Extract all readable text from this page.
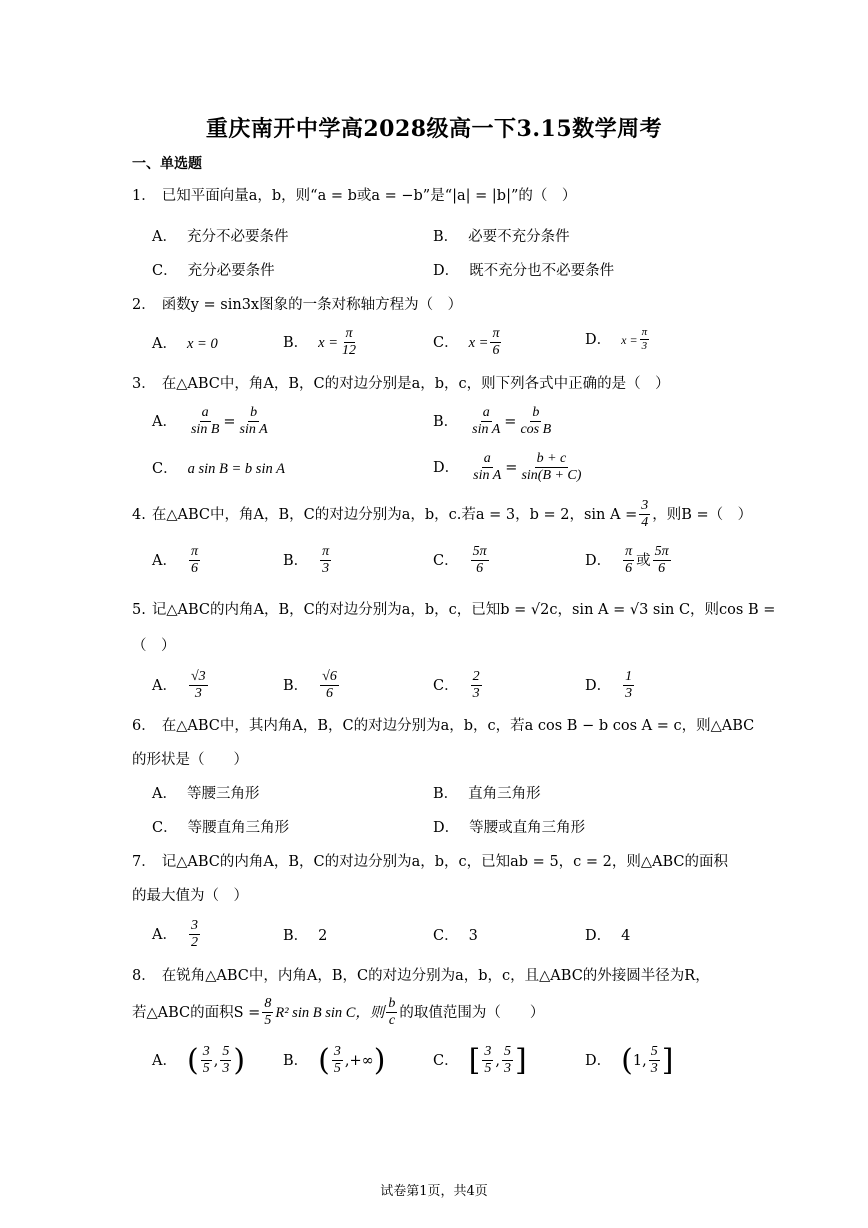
重庆南开中学高2028级高一下3.15数学周考
一、单选题
1． 已知平面向量a，b，则“a = b或a = −b”是“|a| = |b|”的（　）
A． 充分不必要条件	B． 必要不充分条件
C． 充分必要条件	D． 既不充分也不必要条件
2． 函数y = sin3x图象的一条对称轴方程为（　）
A． x = 0	B． $x = \frac{\pi}{12}$	C． $x = \frac{\pi}{6}$	D． $x = \frac{\pi}{3}$
3． 在△ABC中，角A，B，C的对边分别是a，b，c，则下列各式中正确的是（　）
A． $\frac{a}{\text{sin B}} = \frac{b}{\text{sin A}}$	B． $\frac{a}{\text{sin A}} = \frac{b}{\text{cos B}}$
C． a sin B = b sin A	D． $\frac{a}{\text{sin A}} = \frac{b + c}{\sin(B + C)}$
4. 在△ABC中，角A，B，C的对边分别为a，b，c.若a = 3，b = 2，$\sin A = \frac{3}{4}$ ，则B =（　）
A． $\frac{\pi}{6}$	B． $\frac{\pi}{3}$	C． $\frac{5\pi}{6}$	D． $\frac{\pi}{6}$ 或 $\frac{5\pi}{6}$
5. 记△ABC的内角A，B，C的对边分别为a，b，c，已知b = √2c，sin A = √3 sin C，则cos B =
（　）
A． $\frac{√3}{3}$	B． $\frac{√6}{6}$	C． $\frac{2}{3}$	D． $\frac{1}{3}$
6． 在△ABC中，其内角A，B，C的对边分别为a，b，c，若a cos B − b cos A = c，则△ABC
的形状是（　　）
A． 等腰三角形	B． 直角三角形
C． 等腰直角三角形	D． 等腰或直角三角形
7． 记△ABC的内角A，B，C的对边分别为a，b，c，已知ab = 5，c = 2，则△ABC的面积
的最大值为（　）
A． $\frac{3}{2}$	B． 2	C． 3	D． 4
8． 在锐角△ABC中，内角A，B，C的对边分别为a，b，c，且△ABC的外接圆半径为R，
若△ABC的面积$S = \frac{8}{5} R^2$ sin B sin C，则 $\frac{b}{c}$ 的取值范围为（　　）
A． ( $\frac{3}{5}$ , $\frac{5}{3}$ )	B． ( $\frac{3}{5}$ , +∞ )	C． [ $\frac{3}{5}$ , $\frac{5}{3}$ ]	D． ( 1 , $\frac{5}{3}$ ]
试卷第1页，共4页
